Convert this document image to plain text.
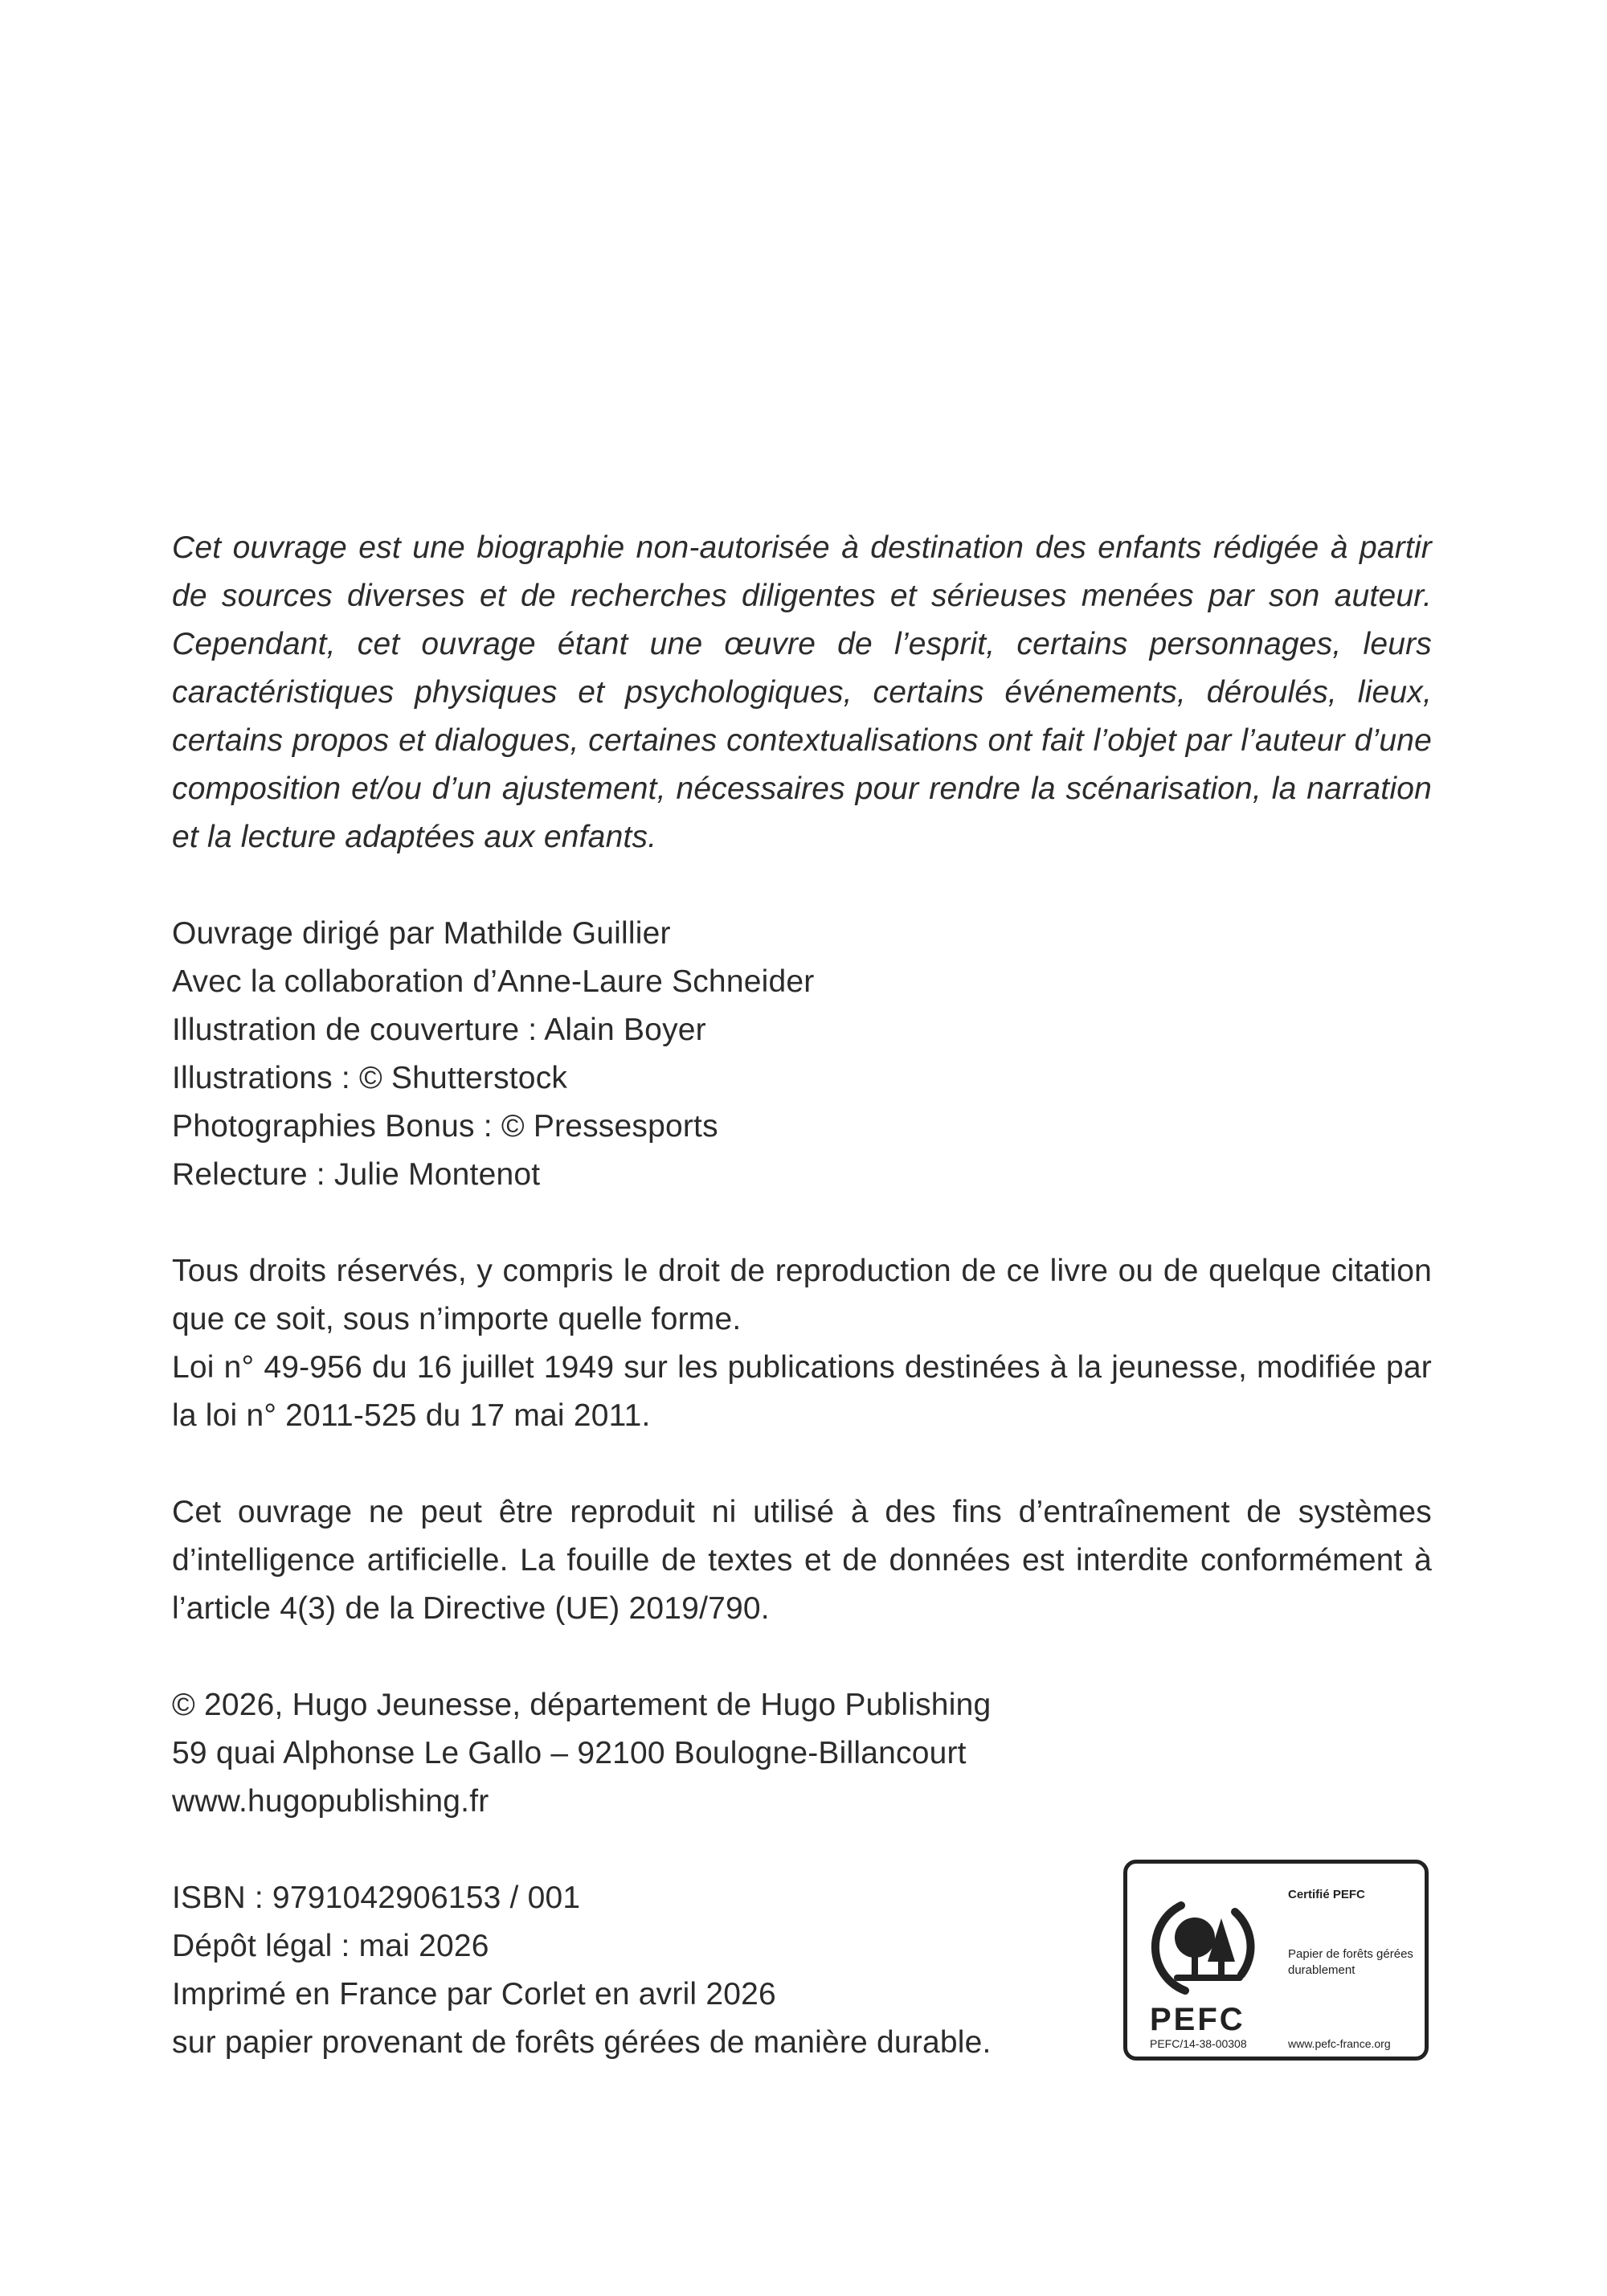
Cet ouvrage est une biographie non-autorisée à destination des enfants rédigée à partir de sources diverses et de recherches diligentes et sérieuses menées par son auteur. Cependant, cet ouvrage étant une œuvre de l’esprit, certains personnages, leurs caractéristiques physiques et psychologiques, certains événements, déroulés, lieux, certains propos et dialogues, certaines contextualisations ont fait l’objet par l’auteur d’une composition et/ou d’un ajustement, nécessaires pour rendre la scénarisation, la narration et la lecture adaptées aux enfants.

Ouvrage dirigé par Mathilde Guillier
Avec la collaboration d’Anne-Laure Schneider
Illustration de couverture : Alain Boyer
Illustrations : © Shutterstock
Photographies Bonus : © Pressesports
Relecture : Julie Montenot

Tous droits réservés, y compris le droit de reproduction de ce livre ou de quelque citation que ce soit, sous n’importe quelle forme.

Loi n° 49-956 du 16 juillet 1949 sur les publications destinées à la jeunesse, modifiée par la loi n° 2011-525 du 17 mai 2011.

Cet ouvrage ne peut être reproduit ni utilisé à des fins d’entraînement de systèmes d’intelligence artificielle. La fouille de textes et de données est interdite conformément à l’article 4(3) de la Directive (UE) 2019/790.

© 2026, Hugo Jeunesse, département de Hugo Publishing
59 quai Alphonse Le Gallo – 92100 Boulogne-Billancourt
www.hugopublishing.fr
ISBN : 9791042906153 / 001
Dépôt légal : mai 2026
Imprimé en France par Corlet en avril 2026
sur papier provenant de forêts gérées de manière durable.
PEFC
PEFC/14-38-00308
Certifié PEFC
Papier de forêts gérées durablement
www.pefc-france.org
